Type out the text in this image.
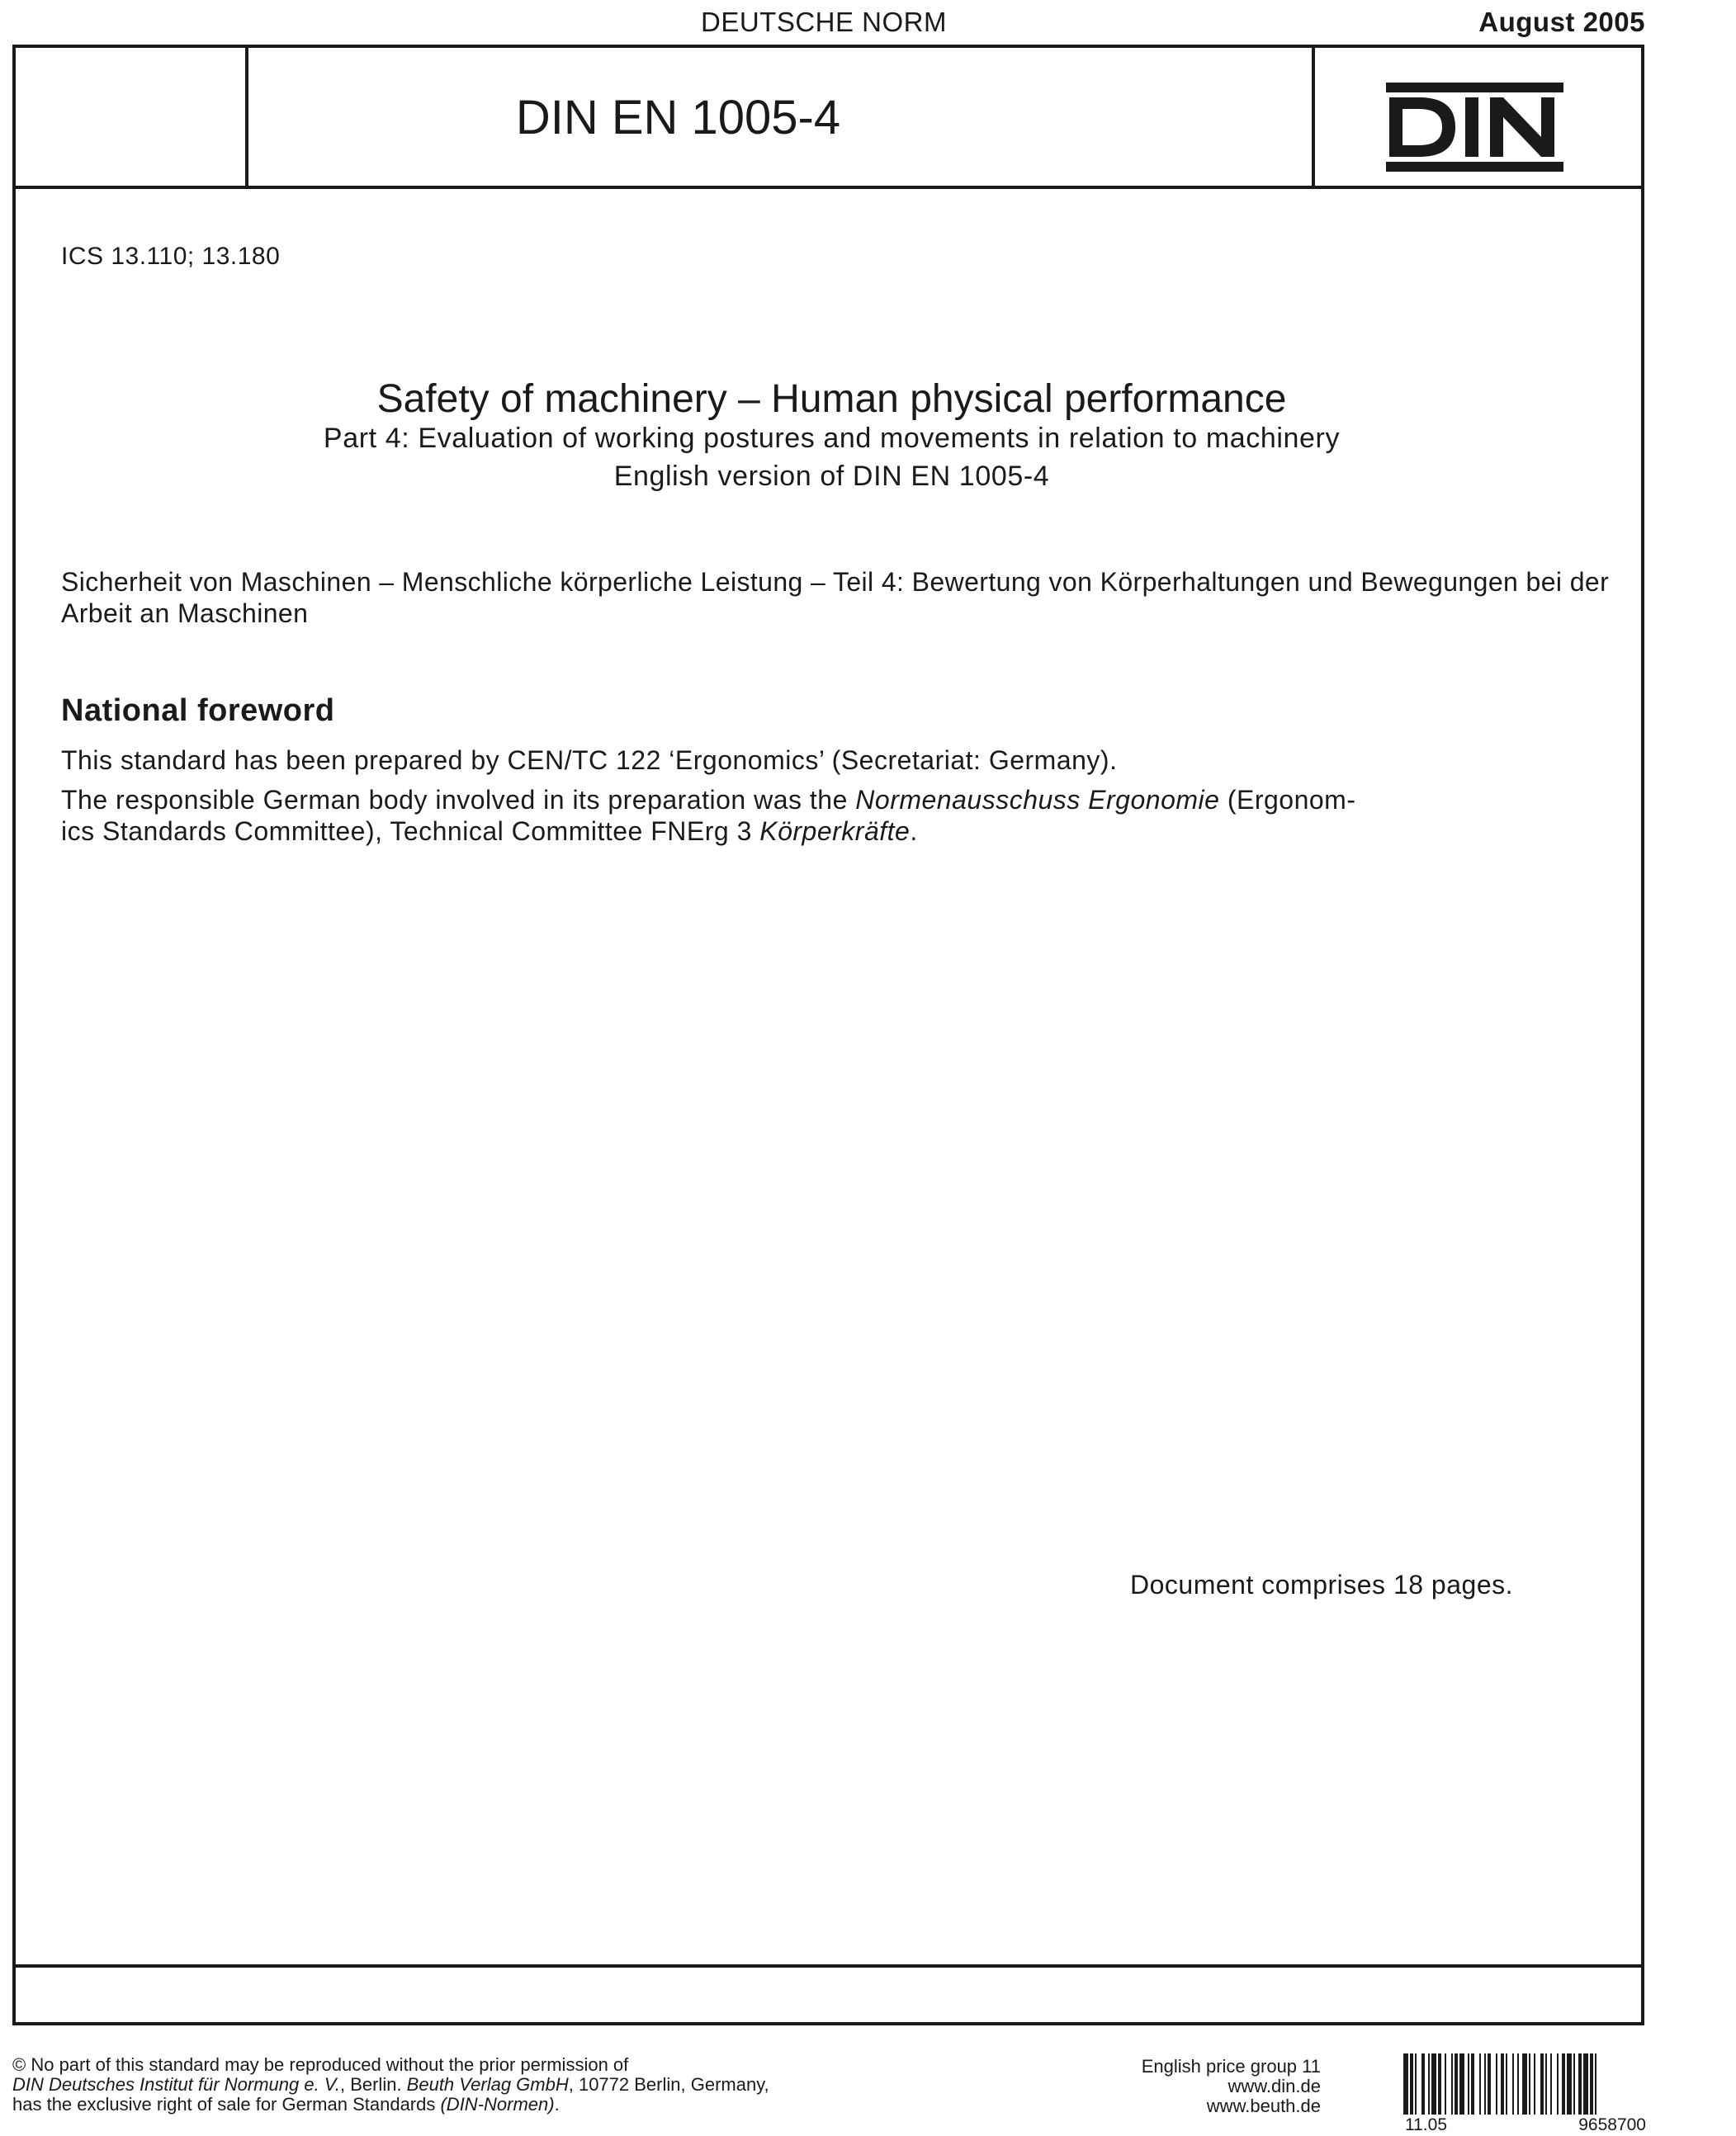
DEUTSCHE NORM	August 2005
DIN EN 1005-4
ICS 13.110; 13.180
Safety of machinery – Human physical performance
Part 4: Evaluation of working postures and movements in relation to machinery
English version of DIN EN 1005-4
Sicherheit von Maschinen – Menschliche körperliche Leistung – Teil 4: Bewertung von Körperhaltungen und Bewegungen bei der Arbeit an Maschinen
National foreword
This standard has been prepared by CEN/TC 122 ‘Ergonomics’ (Secretariat: Germany).
The responsible German body involved in its preparation was the Normenausschuss Ergonomie (Ergonom-
ics Standards Committee), Technical Committee FNErg 3 Körperkräfte.
Document comprises 18 pages.
© No part of this standard may be reproduced without the prior permission of
DIN Deutsches Institut für Normung e. V., Berlin. Beuth Verlag GmbH, 10772 Berlin, Germany,
has the exclusive right of sale for German Standards (DIN-Normen).
English price group 11
www.din.de
www.beuth.de
11.05	9658700
